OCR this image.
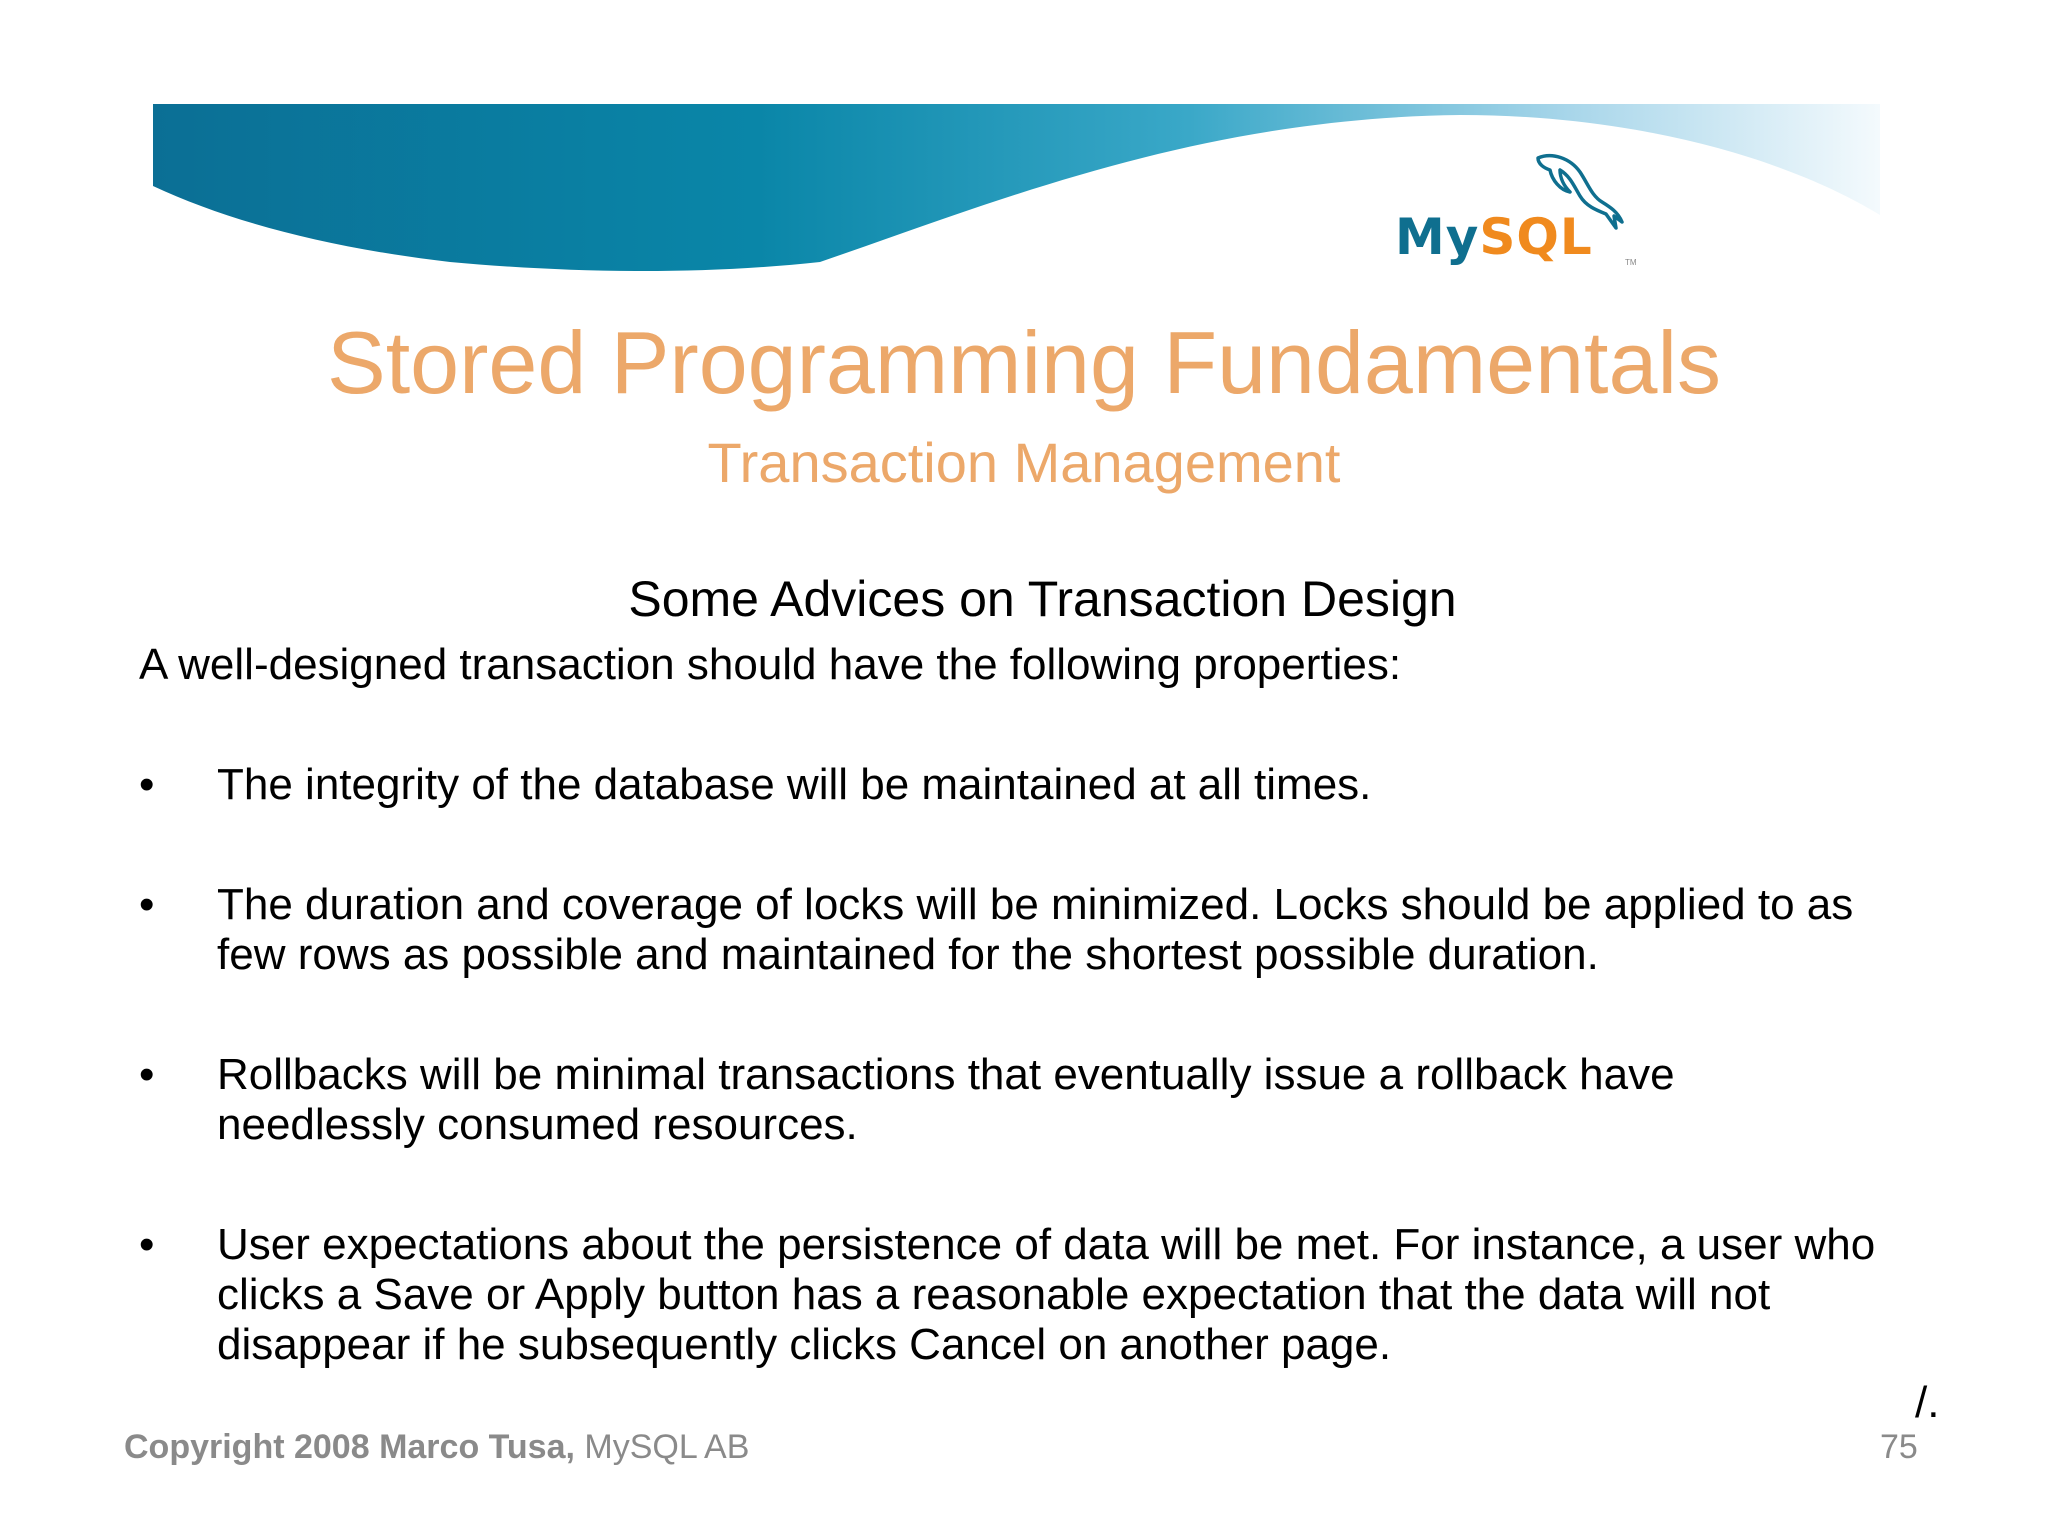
MySQL	TM
Stored Programming Fundamentals
Transaction Management
Some Advices on Transaction Design
A well-designed transaction should have the following properties:
•	The integrity of the database will be maintained at all times.
•	The duration and coverage of locks will be minimized. Locks should be applied to as
few rows as possible and maintained for the shortest possible duration.
•	Rollbacks will be minimal transactions that eventually issue a rollback have
needlessly consumed resources.
•	User expectations about the persistence of data will be met. For instance, a user who
clicks a Save or Apply button has a reasonable expectation that the data will not
disappear if he subsequently clicks Cancel on another page.
/.
Copyright 2008 Marco Tusa, MySQL AB	75
